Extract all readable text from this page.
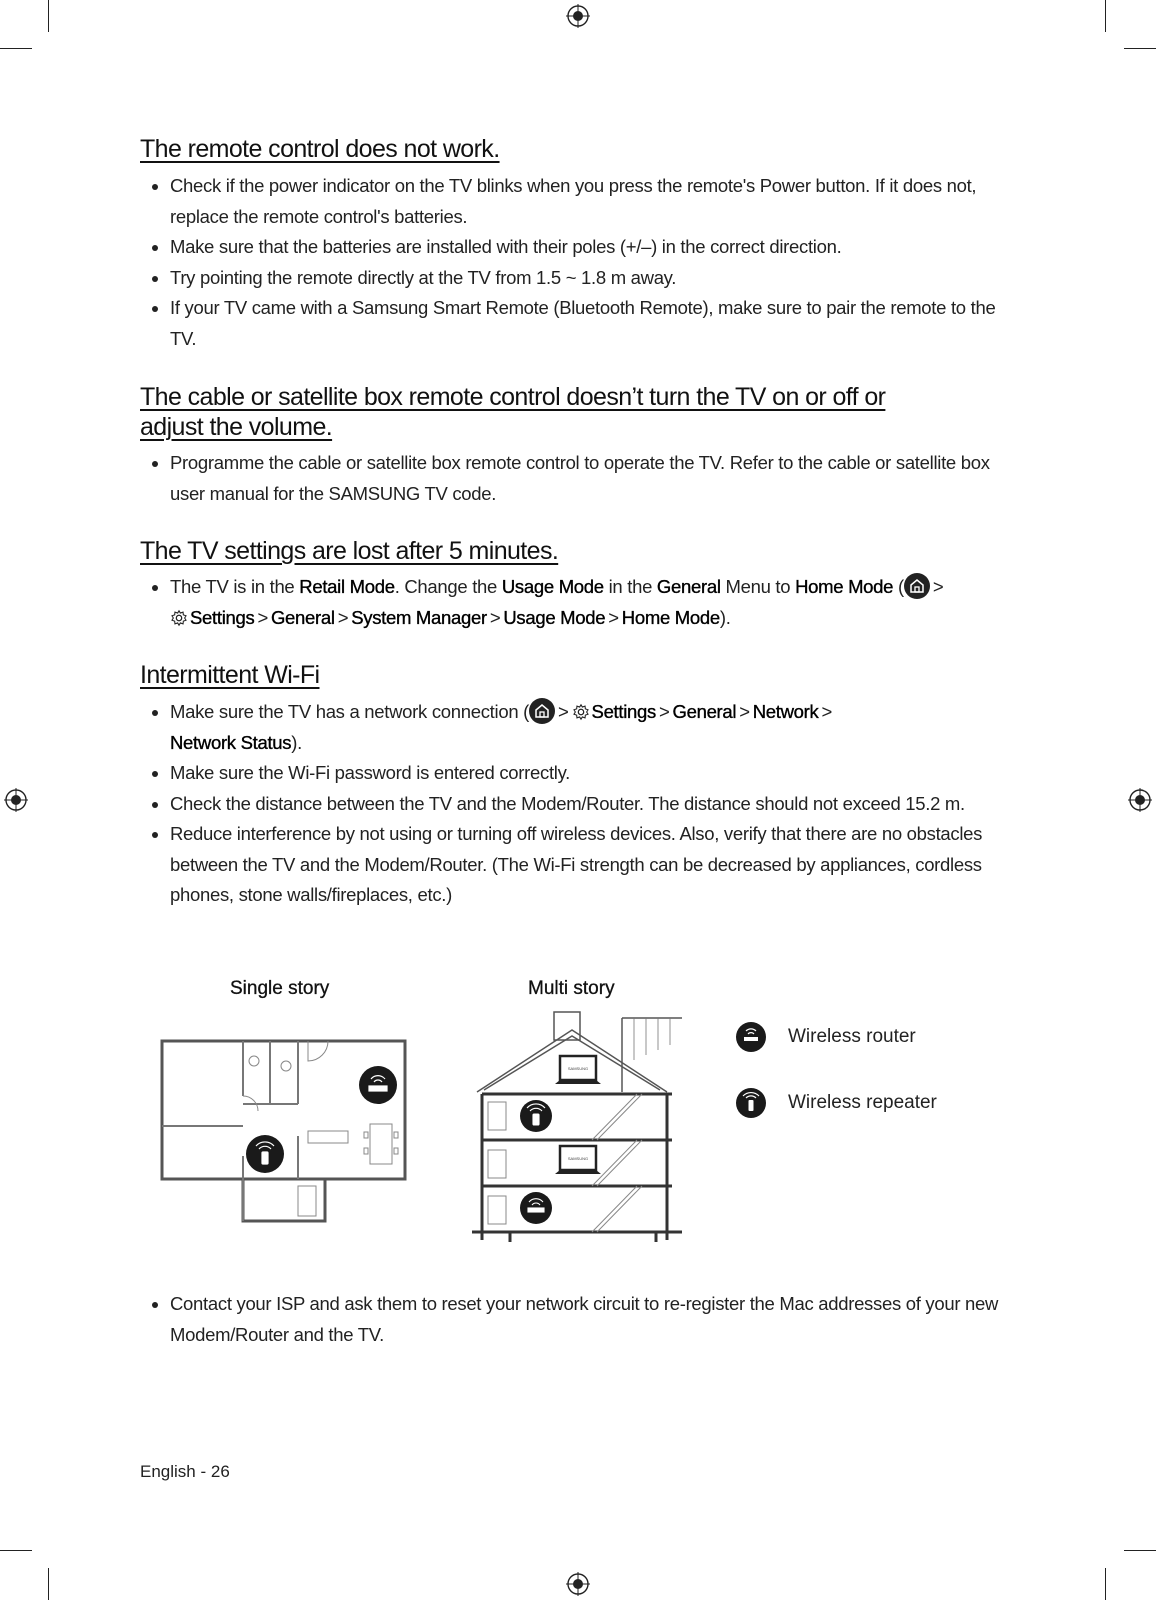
The remote control does not work.
Check if the power indicator on the TV blinks when you press the remote's Power button. If it does not, replace the remote control's batteries.
Make sure that the batteries are installed with their poles (+/–) in the correct direction.
Try pointing the remote directly at the TV from 1.5 ~ 1.8 m away.
If your TV came with a Samsung Smart Remote (Bluetooth Remote), make sure to pair the remote to the TV.
The cable or satellite box remote control doesn’t turn the TV on or off or
adjust the volume.
Programme the cable or satellite box remote control to operate the TV. Refer to the cable or satellite box user manual for the SAMSUNG TV code.
The TV settings are lost after 5 minutes.
The TV is in the Retail Mode. Change the Usage Mode in the General Menu to Home Mode ( >
Settings > General > System Manager > Usage Mode > Home Mode).
Intermittent Wi-Fi
Make sure the TV has a network connection ( > Settings > General > Network >
Network Status).
Make sure the Wi-Fi password is entered correctly.
Check the distance between the TV and the Modem/Router. The distance should not exceed 15.2 m.
Reduce interference by not using or turning off wireless devices. Also, verify that there are no obstacles between the TV and the Modem/Router. (The Wi-Fi strength can be decreased by appliances, cordless phones, stone walls/fireplaces, etc.)
Single story	Multi story
SAMSUNG
SAMSUNG
Wireless router
Wireless repeater
Contact your ISP and ask them to reset your network circuit to re-register the Mac addresses of your new Modem/Router and the TV.
English - 26
